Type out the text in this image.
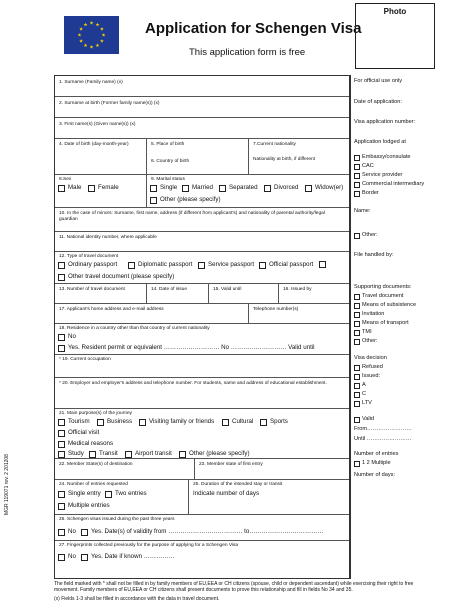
Application for Schengen Visa
This application form is free
Photo
1. Surname (Family name) (x)
2. Surname at birth (Former family name(s)) (x)
3. First name(s) (Given name(s)) (x)
4. Date of birth (day-month-year)	5. Place of birth
6. Country of birth
7.Current nationality
Nationality at birth, if different
8.Sex
Male	Female
9. Marital status
Single Married	Separated	Divorced	Widow(er)
Other (please specify)
10. In the case of minors: Surname, first name, address (if different from applicant's) and nationality of parental authority/legal guardian
11. National identity number, where applicable
12. Type of travel document
Ordinary passport	Diplomatic passport	Service passport Official passport
Other travel document (please specify)
13. Number of travel document	14. Date of issue	15. Valid until	16. Issued by
17. Applicant's home address and e-mail address	Telephone number(s)
18. Residence in a country other than that country of current nationality
No
Yes. Resident permit or equivalent ……………………… No ……………………… Valid until
* 19. Current occupation
* 20. Employer and employer's address and telephone number. For students, name and address of educational establishment.
21. Main purpose(s) of the journey
Tourism	Business	Visiting family or friends	Cultural	Sports
Official visit
Medical reasons
Study Transit	Airport transit	Other (please specify)
22. Member State(s) of destination	23. Member state of first entry
24. Number of entries requested
Single entry Two entries
Multiple entries
25. Duration of the intended stay or transit
Indicate number of days
26. Schengen visas issued during the past three years
No Yes. Date(s) of validity from ……………………………… to………………………………
27. Fingerprints collected previously for the purpose of applying for a Schengen Visa
No Yes. Date if known ……………
For official use only
Date of application:
Visa application number:
Application lodged at
Embassy/consulate
CAC
Service provider
Commercial intermediary
Border
Name:
Other:
File handled by:
Supporting documents:
Travel document
Means of subsistence
Invitation
Means of transport
TMI
Other:
Visa decision
Refused
Issued:
A
C
LTV
Valid
From……………………
Until ……………………
Number of entries
1 2 Multiple
Number of days:
The field marked with * shall not be filled in by family members of EU,EEA or CH citizens (spouse, child or dependent ascendant) while exercising their right to free movement. Family members of EU,EEA or CH citizens shall present documents to prove this relationship and fill in fields No 34 and 35.
(x) Fields 1-3 shall be filled in accordance with the data in travel document.
MGR 119071 rev. 2 201208
